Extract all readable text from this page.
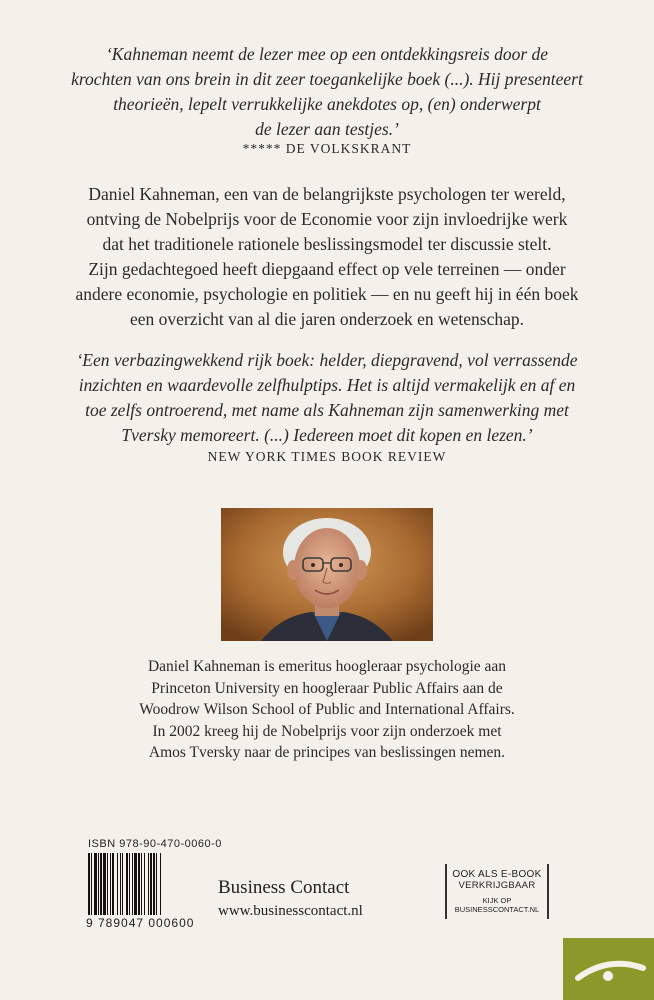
‘Kahneman neemt de lezer mee op een ontdekkingsreis door de
krochten van ons brein in dit zeer toegankelijke boek (...). Hij presenteert
theorieën, lepelt verrukkelijke anekdotes op, (en) onderwerpt
de lezer aan testjes.’
***** DE VOLKSKRANT
Daniel Kahneman, een van de belangrijkste psychologen ter wereld,
ontving de Nobelprijs voor de Economie voor zijn invloedrijke werk
dat het traditionele rationele beslissingsmodel ter discussie stelt.
Zijn gedachtegoed heeft diepgaand effect op vele terreinen — onder
andere economie, psychologie en politiek — en nu geeft hij in één boek
een overzicht van al die jaren onderzoek en wetenschap.
‘Een verbazingwekkend rijk boek: helder, diepgravend, vol verrassende
inzichten en waardevolle zelfhulptips. Het is altijd vermakelijk en af en
toe zelfs ontroerend, met name als Kahneman zijn samenwerking met
Tversky memoreert. (...) Iedereen moet dit kopen en lezen.’
NEW YORK TIMES BOOK REVIEW
Daniel Kahneman is emeritus hoogleraar psychologie aan
Princeton University en hoogleraar Public Affairs aan de
Woodrow Wilson School of Public and International Affairs.
In 2002 kreeg hij de Nobelprijs voor zijn onderzoek met
Amos Tversky naar de principes van beslissingen nemen.
ISBN 978-90-470-0060-0
9 789047 000600
Business Contact
www.businesscontact.nl
OOK ALS E-BOOK
VERKRIJGBAAR
KIJK OP
BUSINESSCONTACT.NL
